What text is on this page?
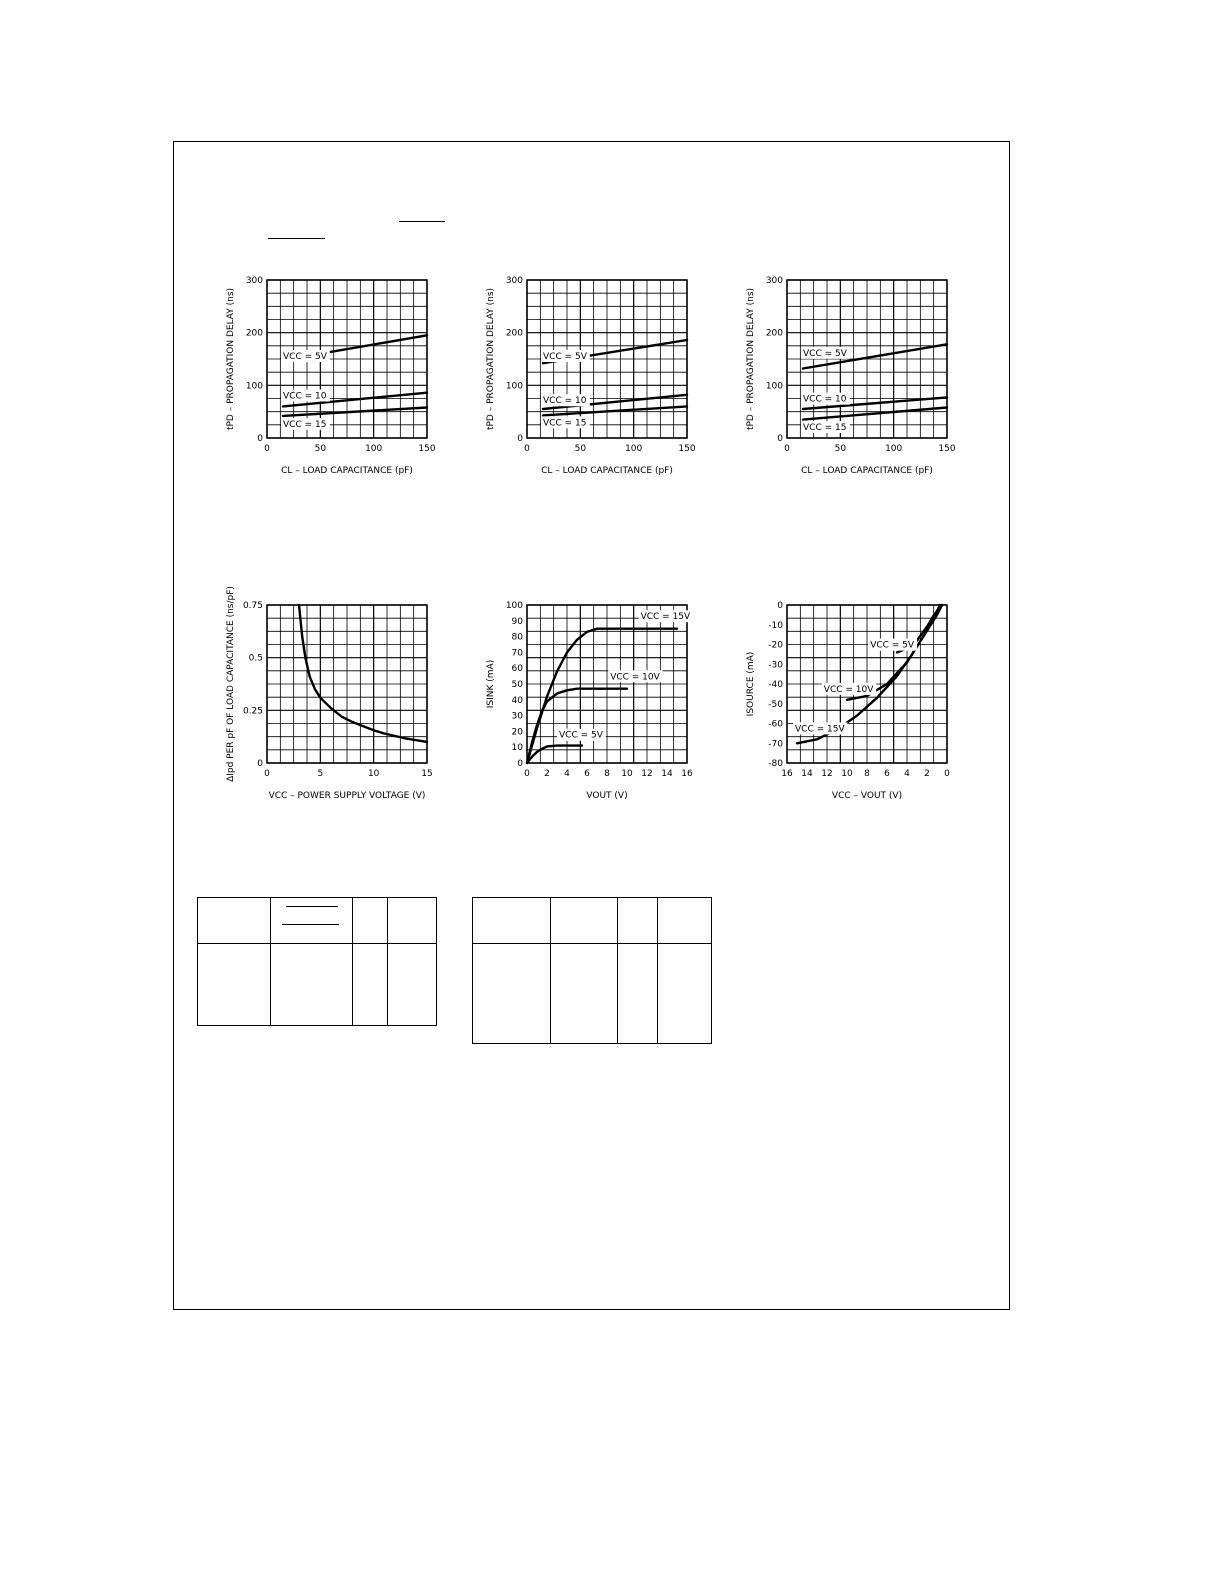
0	50	100	150
0
100
200
300
CL – LOAD CAPACITANCE (pF)
tPD – PROPAGATION DELAY (ns)	VCC = 5V
VCC = 10
VCC = 15
0	50	100	150
0
100
200
300
CL – LOAD CAPACITANCE (pF)
tPD – PROPAGATION DELAY (ns)	VCC = 5V
VCC = 10
VCC = 15
0	50	100	150
0
100
200
300
CL – LOAD CAPACITANCE (pF)
tPD – PROPAGATION DELAY (ns)	VCC = 5V
VCC = 10
VCC = 15
0	5	10	15
0
0.25
0.5
0.75
VCC – POWER SUPPLY VOLTAGE (V)
ΔIpd PER pF OF LOAD CAPACITANCE (ns/pF)	0 2 4 6 8 10 12 14 16
0
10
20
30
40
50
60
70
80
90
100
VOUT (V)
ISINK (mA)
VCC = 15V
VCC = 10V
VCC = 5V
16 14 12 10 8 6 4 2 0
0
-10
-20
-30
-40
-50
-60
-70
-80
VCC – VOUT (V)
ISOURCE (mA)
VCC = 15V
VCC = 10V
VCC = 5V
